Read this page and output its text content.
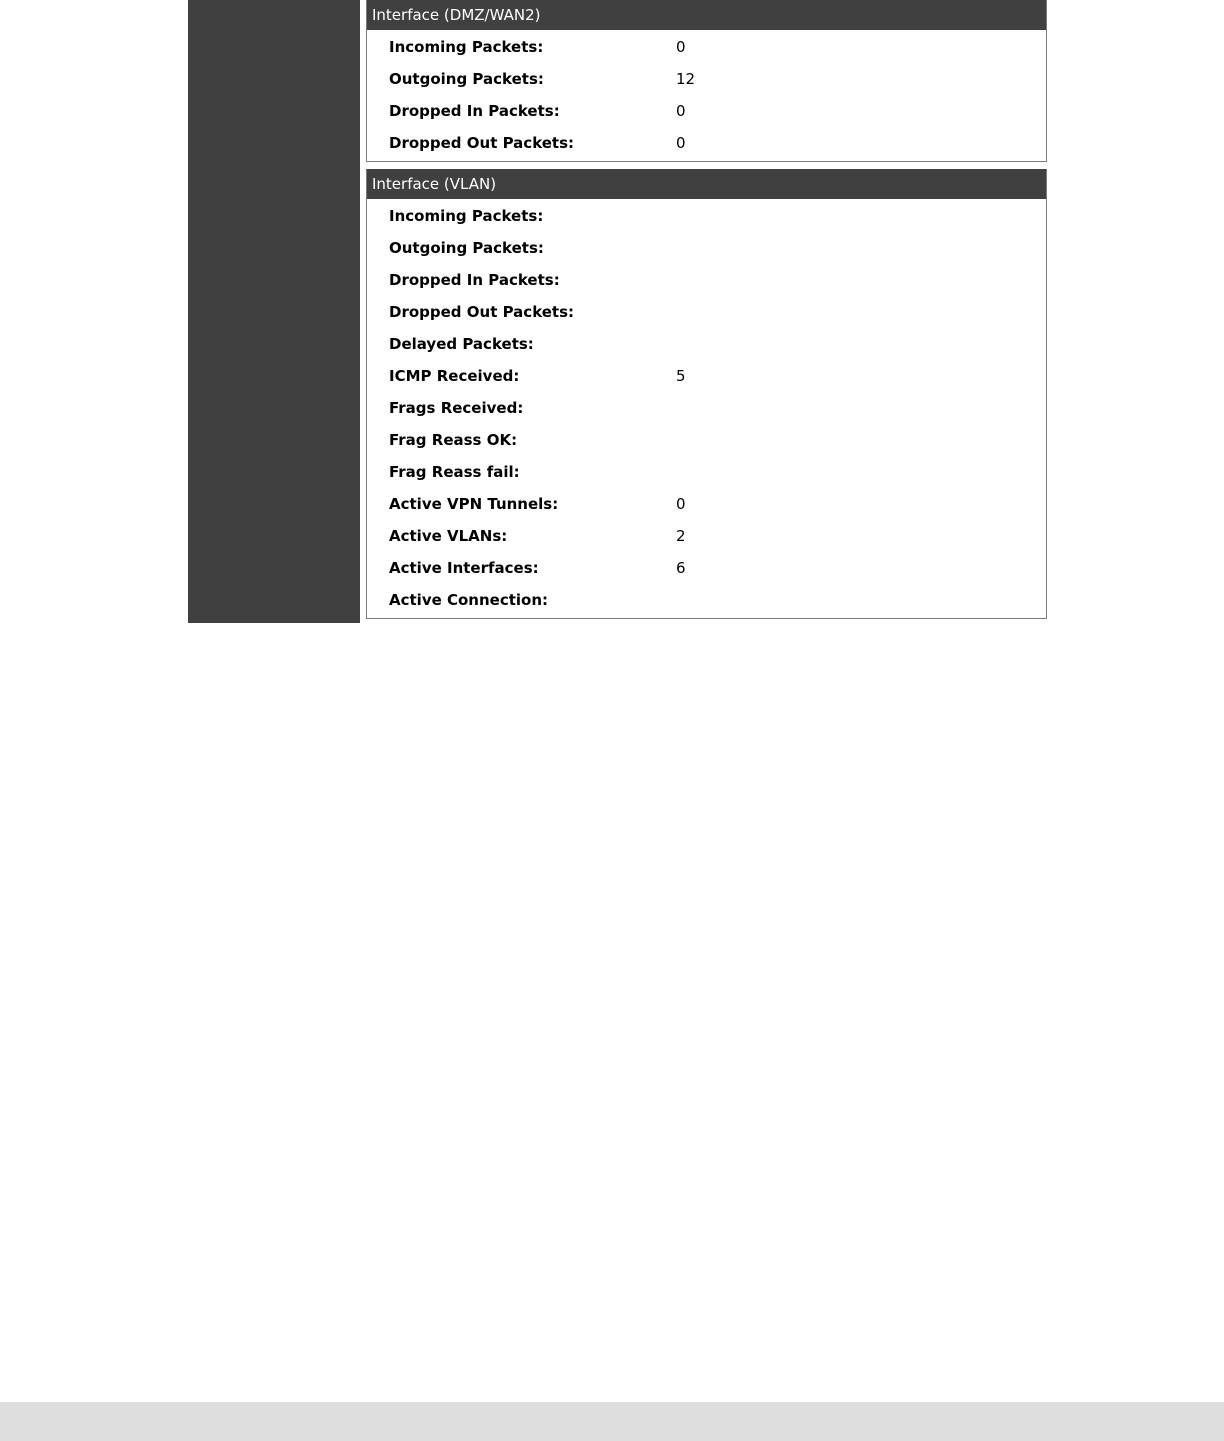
Interface (DMZ/WAN2)
Incoming Packets:	0
Outgoing Packets:	12
Dropped In Packets:	0
Dropped Out Packets:	0
Interface (VLAN)
Incoming Packets:
Outgoing Packets:
Dropped In Packets:
Dropped Out Packets:
Delayed Packets:
ICMP Received:	5
Frags Received:
Frag Reass OK:
Frag Reass fail:
Active VPN Tunnels:	0
Active VLANs:	2
Active Interfaces:	6
Active Connection:
